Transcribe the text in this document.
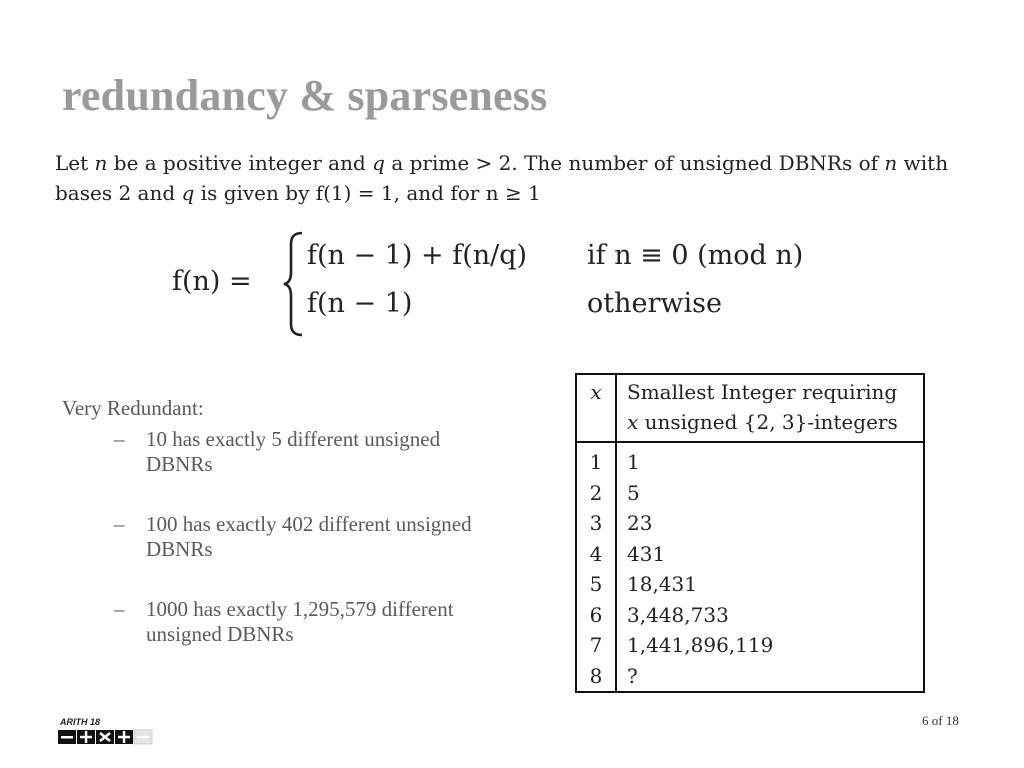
redundancy & sparseness
Let n be a positive integer and q a prime > 2. The number of unsigned DBNRs of n with bases 2 and q is given by f(1) = 1, and for n ≥ 1
f(n) =
f(n − 1) + f(n/q) if n ≡ 0 (mod n)
f(n − 1)	otherwise

Very Redundant:

– 10 has exactly 5 different unsigned DBNRs
– 100 has exactly 402 different unsigned DBNRs
– 1000 has exactly 1,295,579 different unsigned DBNRs
x	Smallest Integer requiring
x unsigned {2, 3}-integers

1	1
2	5
3	23
4	431
5	18,431
6	3,448,733
7	1,441,896,119
8	?
ARITH 18	6 of 18
